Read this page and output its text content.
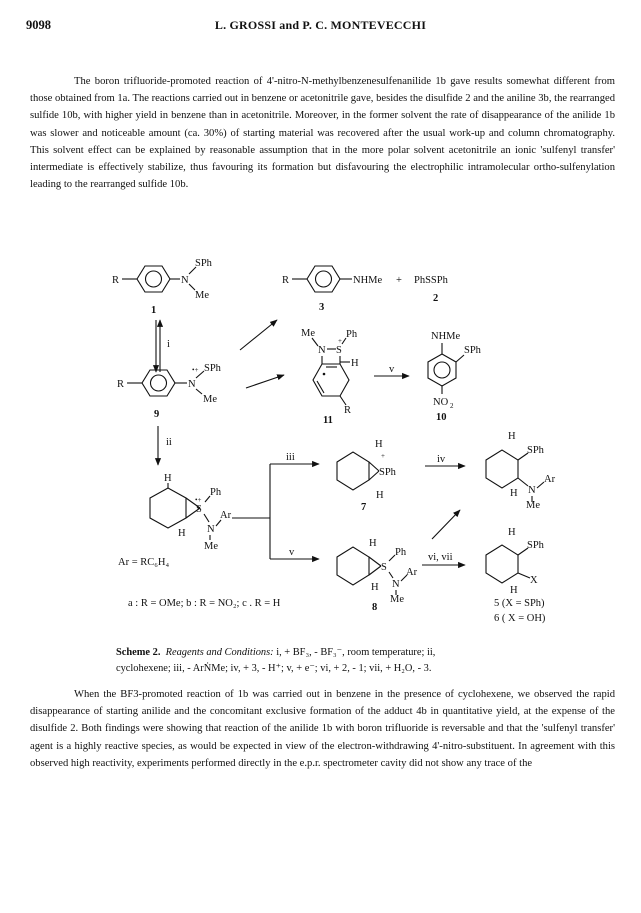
9098	L. GROSSI and P. C. MONTEVECCHI
The boron trifluoride-promoted reaction of 4'-nitro-N-methylbenzenesulfenanilide 1b gave results somewhat different from those obtained from 1a. The reactions carried out in benzene or acetonitrile gave, besides the disulfide 2 and the aniline 3b, the rearranged sulfide 10b, with higher yield in benzene than in acetonitrile. Moreover, in the former solvent the rate of disappearance of the anilide 1b was slower and noticeable amount (ca. 30%) of starting material was recovered after the usual work-up and column chromatography. This solvent effect can be explained by reasonable assumption that in the more polar solvent acetonitrile an ionic 'sulfenyl transfer' intermediate is effectively stabilize, thus favouring its formation but disfavouring the electrophilic intramolecular ortho-sulfenylation leading to the rearranged sulfide 10b.
R	N
SPh
Me
1
i
R	N
•+ SPh
Me
9
ii
R	NHMe
3
+ PhSSPh
2
Me
N S
+
Ph
H
R
11
v
NHMe
SPh
NO 2
10
H
S
•+
Ph
N
Ar
Me
H
Ar = RC₆H₄
iii
v
H
+
SPh
H
7
iv
H
SPh
N
Ar
H
Me
H
S
Ph
N
Ar
H
Me
8
vi, vii
H
SPh
X
H
5 (X = SPh)
6 ( X = OH)
a : R = OMe; b : R = NO₂; c . R = H
Scheme 2. Reagents and Conditions: i, + BF₃, - BF₃⁻, room temperature; ii,
cyclohexene; iii, - ArṄMe; iv, + 3, - H⁺; v, + e⁻; vi, + 2, - 1; vii, + H₂O, - 3.
When the BF3-promoted reaction of 1b was carried out in benzene in the presence of cyclohexene, we observed the rapid disappearance of starting anilide and the concomitant exclusive formation of the adduct 4b in quantitative yield, at the expense of the disulfide 2. Both findings were showing that reaction of the anilide 1b with boron trifluoride is reversable and that the 'sulfenyl transfer' agent is a highly reactive species, as would be expected in view of the electron-withdrawing 4'-nitro-substituent. In agreement with this observed high reactivity, experiments performed directly in the e.p.r. spectrometer cavity did not show any trace of the
